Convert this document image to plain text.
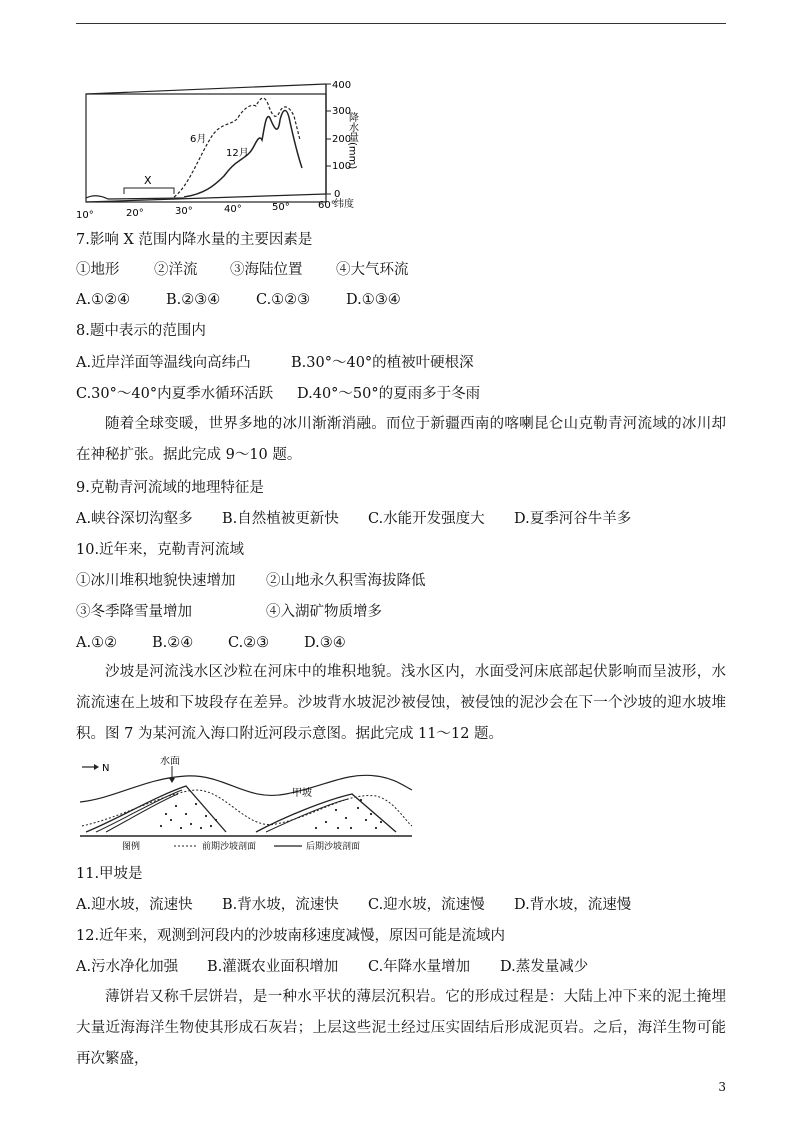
0
100
200
300
400
降水量(mm)
10°	20°	30°	40°	50°	60°
纬度
X
6月
12月
7.影响 X 范围内降水量的主要因素是
①地形 ②洋流 ③海陆位置 ④大气环流
A.①②④ B.②③④ C.①②③ D.①③④
8.题中表示的范围内
A.近岸洋面等温线向高纬凸	B.30°～40°的植被叶硬根深
C.30°～40°内夏季水循环活跃 D.40°～50°的夏雨多于冬雨
随着全球变暖，世界多地的冰川渐渐消融。而位于新疆西南的喀喇昆仑山克勒青河流域的冰川却在神秘扩张。据此完成 9～10 题。
9.克勒青河流域的地理特征是
A.峡谷深切沟壑多 B.自然植被更新快 C.水能开发强度大 D.夏季河谷牛羊多
10.近年来，克勒青河流域
①冰川堆积地貌快速增加 ②山地永久积雪海拔降低
③冬季降雪量增加	④入湖矿物质增多
A.①② B.②④ C.②③ D.③④
沙坡是河流浅水区沙粒在河床中的堆积地貌。浅水区内，水面受河床底部起伏影响而呈波形，水流流速在上坡和下坡段存在差异。沙坡背水坡泥沙被侵蚀，被侵蚀的泥沙会在下一个沙坡的迎水坡堆积。图 7 为某河流入海口附近河段示意图。据此完成 11～12 题。
N
水面
甲坡
图例	前期沙坡剖面	后期沙坡剖面
11.甲坡是
A.迎水坡，流速快 B.背水坡，流速快 C.迎水坡，流速慢 D.背水坡，流速慢
12.近年来，观测到河段内的沙坡南移速度减慢，原因可能是流域内
A.污水净化加强 B.灌溉农业面积增加 C.年降水量增加 D.蒸发量减少
薄饼岩又称千层饼岩，是一种水平状的薄层沉积岩。它的形成过程是：大陆上冲下来的泥土掩埋大量近海海洋生物使其形成石灰岩；上层这些泥土经过压实固结后形成泥页岩。之后，海洋生物可能再次繁盛，
3
